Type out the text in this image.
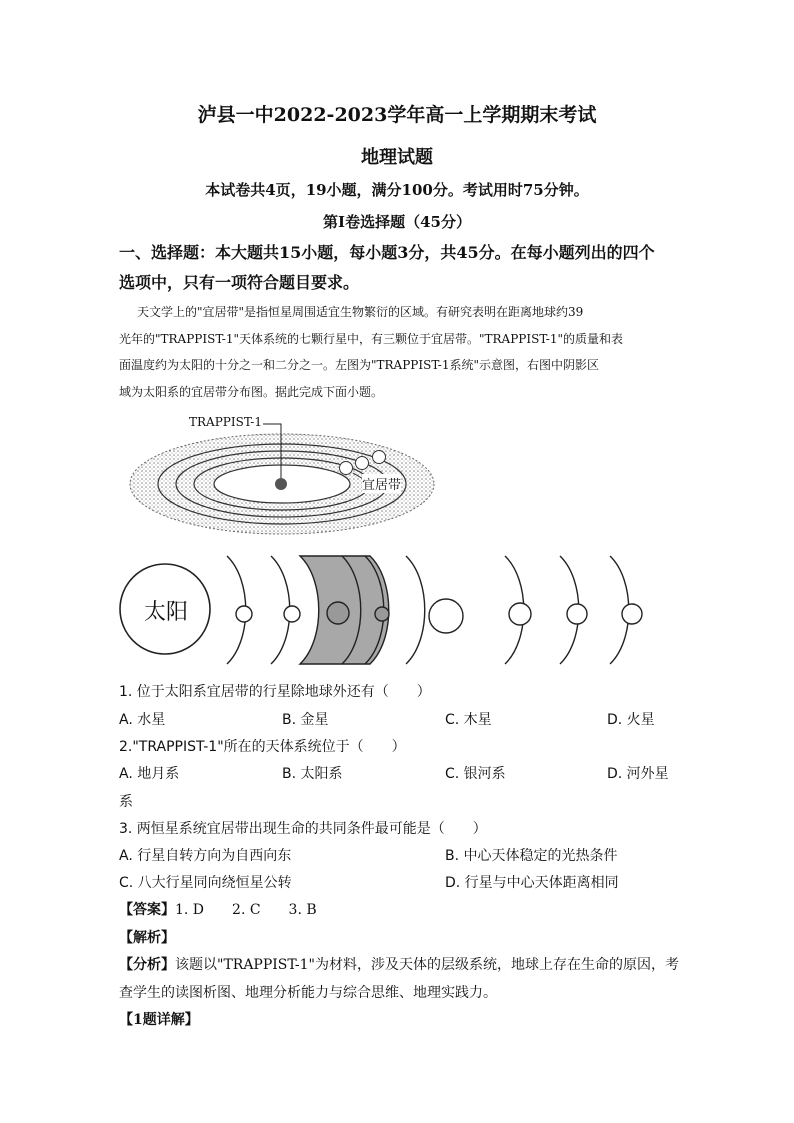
泸县一中2022-2023学年高一上学期期末考试
地理试题
本试卷共4页，19小题，满分100分。考试用时75分钟。
第I卷选择题（45分）
一、选择题：本大题共15小题，每小题3分，共45分。在每小题列出的四个
选项中，只有一项符合题目要求。
天文学上的"宜居带"是指恒星周围适宜生物繁衍的区域。有研究表明在距离地球约39
光年的"TRAPPIST-1"天体系统的七颗行星中，有三颗位于宜居带。"TRAPPIST-1"的质量和表
面温度约为太阳的十分之一和二分之一。左图为"TRAPPIST-1系统"示意图，右图中阴影区
域为太阳系的宜居带分布图。据此完成下面小题。
TRAPPIST-1
宜居带
太阳
1. 位于太阳系宜居带的行星除地球外还有（　　）
A. 水星	B. 金星	C. 木星	D. 火星
2."TRAPPIST-1"所在的天体系统位于（　　）
A. 地月系	B. 太阳系	C. 银河系	D. 河外星
系
3. 两恒星系统宜居带出现生命的共同条件最可能是（　　）
A. 行星自转方向为自西向东	B. 中心天体稳定的光热条件
C. 八大行星同向绕恒星公转	D. 行星与中心天体距离相同
【答案】1. D　　2. C　　3. B
【解析】
【分析】该题以"TRAPPIST-1"为材料，涉及天体的层级系统，地球上存在生命的原因，考
查学生的读图析图、地理分析能力与综合思维、地理实践力。
【1题详解】
